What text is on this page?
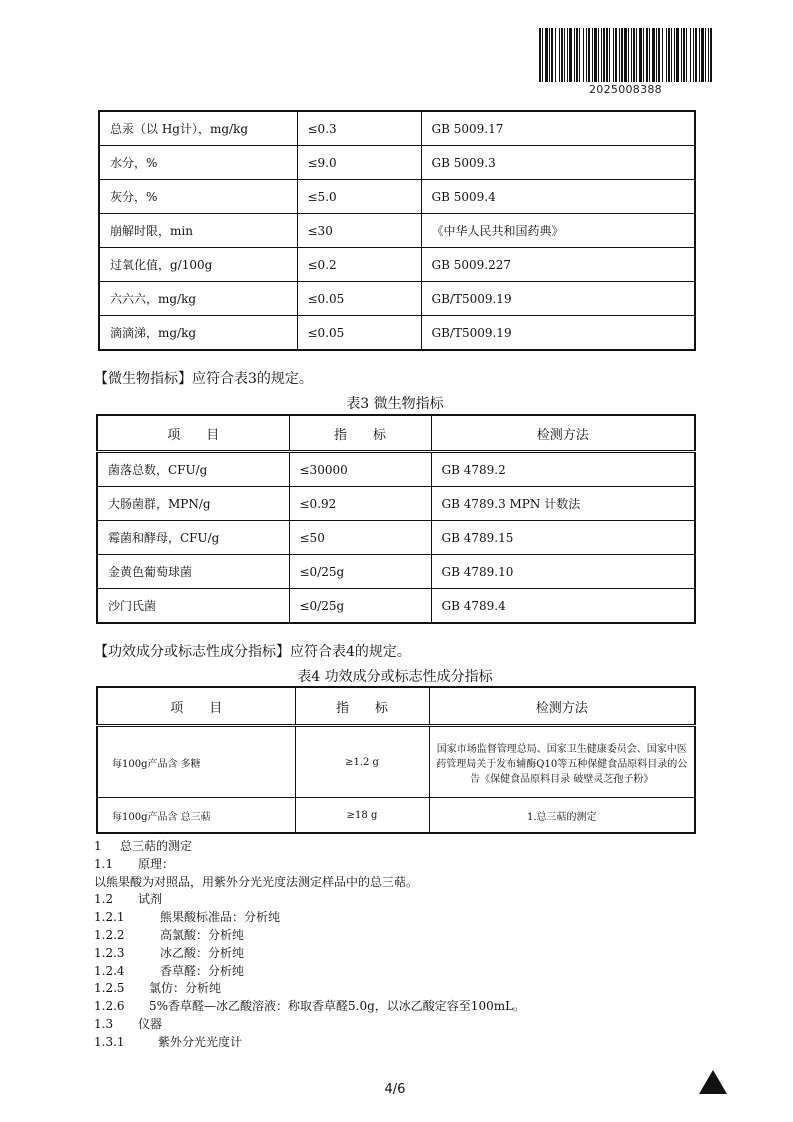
2025008388
总汞（以 Hg计），mg/kg	≤0.3	GB 5009.17
水分，%	≤9.0	GB 5009.3
灰分，%	≤5.0	GB 5009.4
崩解时限，min	≤30	《中华人民共和国药典》
过氧化值，g/100g	≤0.2	GB 5009.227
六六六，mg/kg	≤0.05	GB/T5009.19
滴滴涕，mg/kg	≤0.05	GB/T5009.19
【微生物指标】应符合表3的规定。
表3 微生物指标
项　　目	指　　标	检测方法
菌落总数，CFU/g	≤30000	GB 4789.2
大肠菌群，MPN/g	≤0.92	GB 4789.3 MPN 计数法
霉菌和酵母，CFU/g	≤50	GB 4789.15
金黄色葡萄球菌	≤0/25g	GB 4789.10
沙门氏菌	≤0/25g	GB 4789.4
【功效成分或标志性成分指标】应符合表4的规定。
表4 功效成分或标志性成分指标
项　　目	指　　标	检测方法
每100g产品含 多糖	≥1.2 g	国家市场监督管理总局、国家卫生健康委员会、国家中医药管理局关于发布辅酶Q10等五种保健食品原料目录的公告《保健食品原料目录 破壁灵芝孢子粉》
每100g产品含 总三萜	≥18 g	1.总三萜的测定
1 总三萜的测定
1.1 原理：
以熊果酸为对照品，用紫外分光光度法测定样品中的总三萜。
1.2 试剂
1.2.1	熊果酸标准品：分析纯
1.2.2	高氯酸：分析纯
1.2.3	冰乙酸：分析纯
1.2.4	香草醛：分析纯
1.2.5 氯仿：分析纯
1.2.6 5%香草醛—冰乙酸溶液：称取香草醛5.0g，以冰乙酸定容至100mL。
1.3 仪器
1.3.1	紫外分光光度计
4/6
